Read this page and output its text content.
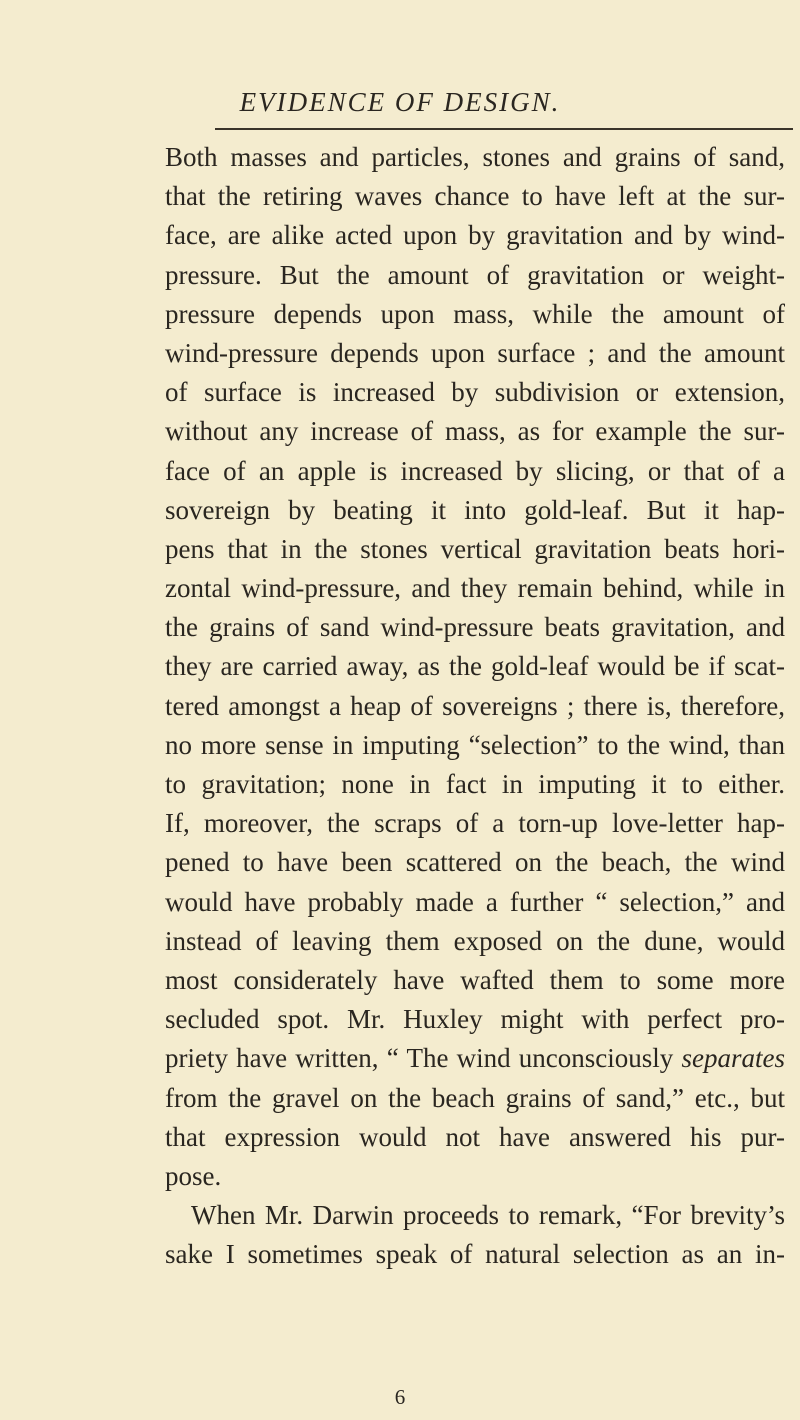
EVIDENCE OF DESIGN.
Both masses and particles, stones and grains of sand,
that the retiring waves chance to have left at the sur-
face, are alike acted upon by gravitation and by wind-
pressure. But the amount of gravitation or weight-
pressure depends upon mass, while the amount of
wind-pressure depends upon surface ; and the amount
of surface is increased by subdivision or extension,
without any increase of mass, as for example the sur-
face of an apple is increased by slicing, or that of a
sovereign by beating it into gold-leaf. But it hap-
pens that in the stones vertical gravitation beats hori-
zontal wind-pressure, and they remain behind, while in
the grains of sand wind-pressure beats gravitation, and
they are carried away, as the gold-leaf would be if scat-
tered amongst a heap of sovereigns ; there is, therefore,
no more sense in imputing “selection” to the wind, than
to gravitation; none in fact in imputing it to either.
If, moreover, the scraps of a torn-up love-letter hap-
pened to have been scattered on the beach, the wind
would have probably made a further “ selection,” and
instead of leaving them exposed on the dune, would
most considerately have wafted them to some more
secluded spot. Mr. Huxley might with perfect pro-
priety have written, “ The wind unconsciously separates
from the gravel on the beach grains of sand,” etc., but
that expression would not have answered his pur-
pose.
When Mr. Darwin proceeds to remark, “For brevity’s
sake I sometimes speak of natural selection as an in-
6
